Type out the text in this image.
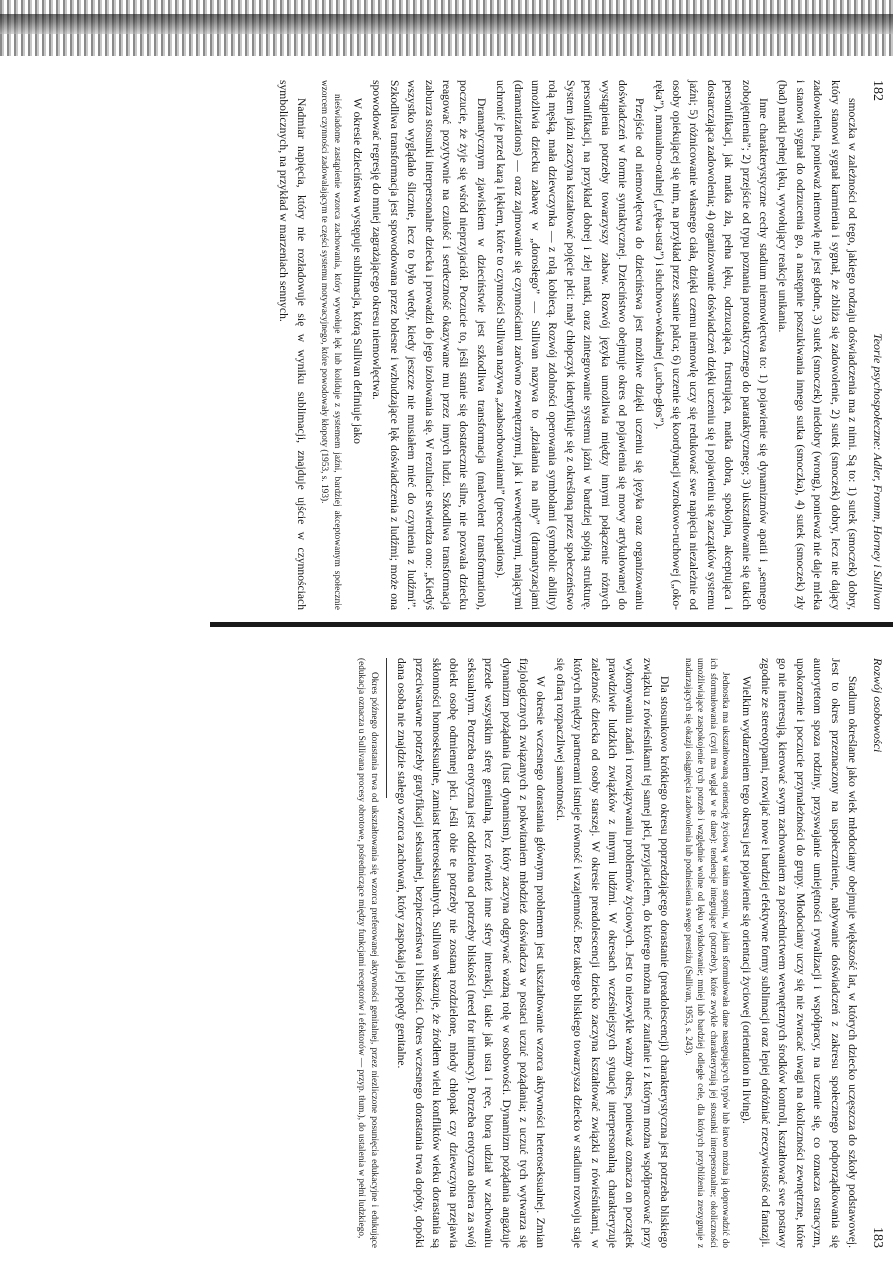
182
Teorie psychospołeczne: Adler, Fromm, Horney i Sullivan

smoczka w zależności od tego, jakiego rodzaju doświadczenia ma z nimi. Są to: 1) sutek (smoczek) dobry, który stanowi sygnał karmienia i sygnał, że zbliża się zadowolenie, 2) sutek (smoczek) dobry, lecz nie dający zadowolenia, ponieważ niemowlę nie jest głodne, 3) sutek (smoczek) niedobry (wrong), ponieważ nie daje mleka i stanowi sygnał do odrzucenia go, a następnie poszukiwania innego sutka (smoczka), 4) sutek (smoczek) zły (bad) matki pełnej lęku, wywołujący reakcje unikania.

Inne charakterystyczne cechy stadium niemowlęctwa to: 1) pojawienie się dynamizmów apatii i „sennego zobojętnienia”; 2) przejście od typu poznania prototaktycznego do parataktycznego; 3) ukształtowanie się takich personifikacji, jak matka zła, pełna lęku, odrzucająca, frustrująca, matka dobra, spokojna, akceptująca i dostarczająca zadowolenia; 4) organizowanie doświadczeń dzięki uczeniu się i pojawieniu się zaczątków systemu jaźni; 5) różnicowanie własnego ciała, dzięki czemu niemowlę uczy się redukować swe napięcia niezależnie od osoby opiekującej się nim, na przykład przez ssanie palca; 6) uczenie się koordynacji wzrokowo-ruchowej („oko-ręka”), manualno-oralnej („ręka-usta”) i słuchowo-wokalnej („ucho-głos”).

Przejście od niemowlęctwa do dzieciństwa jest możliwe dzięki uczeniu się języka oraz organizowaniu doświadczeń w formie syntaktycznej. Dzieciństwo obejmuje okres od pojawienia się mowy artykułowanej do wystąpienia potrzeby towarzyszy zabaw. Rozwój języka umożliwia między innymi połączenie różnych personifikacji, na przykład dobrej i złej matki, oraz zintegrowanie systemu jaźni w bardziej spójną strukturę. System jaźni zaczyna kształtować pojęcie płci: mały chłopczyk identyfikuje się z określoną przez społeczeństwo rolą męską, mała dziewczynka — z rolą kobiecą. Rozwój zdolności operowania symbolami (symbolic ability) umożliwia dziecku zabawę w „dorosłego” — Sullivan nazywa to „działania na niby” (dramatyzacjami (dramatizations) — oraz zajmowanie się czynnościami zarówno zewnętrznymi, jak i wewnętrznymi, mającymi uchronić je przed karą i lękiem, które to czynności Sullivan nazywa „zaabsorbowaniami” (preoccupations).

Dramatycznym zjawiskiem w dzieciństwie jest szkodliwa transformacja (malevolent transformation), poczucie, że żyje się wśród nieprzyjaciół. Poczucie to, jeśli stanie się dostatecznie silne, nie pozwala dziecku reagować pozytywnie na czułość i serdeczność okazywane mu przez innych ludzi. Szkodliwa transformacja zaburza stosunki interpersonalne dziecka i prowadzi do jego izolowania się. W rezultacie stwierdza ono: „Kiedyś wszystko wyglądało ślicznie, lecz to było wtedy, kiedy jeszcze nie musiałem mieć do czynienia z ludźmi”. Szkodliwa transformacja jest spowodowana przez bolesne i wzbudzające lęk doświadczenia z ludźmi; może ona spowodować regresję do mniej zagrażającego okresu niemowlęctwa.

W okresie dzieciństwa występuje sublimacja, którą Sullivan definiuje jako

nieświadome zastąpienie wzorca zachowania, który wywołuje lęk lub koliduje z systemem jaźni, bardziej akceptowanym społecznie wzorcem czynności zadowalającym te części systemu motywacyjnego, które powodowały kłopoty (1953, s. 193).

Nadmiar napięcia, który nie rozładowuje się w wyniku sublimacji, znajduje ujście w czynnościach symbolicznych, na przykład w marzeniach sennych.

Rozwój osobowości
183

Stadium określane jako wiek młodociany obejmuje większość lat, w których dziecko uczęszcza do szkoły podstawowej. Jest to okres przeznaczony na uspołecznienie, nabywanie doświadczeń z zakresu społecznego podporządkowania się autorytetom spoza rodziny, przyswajanie umiejętności rywalizacji i współpracy, na uczenie się, co oznacza ostracyzm, upokorzenie i poczucie przynależności do grupy. Młodociany uczy się nie zwracać uwagi na okoliczności zewnętrzne, które go nie interesują, kierować swym zachowaniem za pośrednictwem wewnętrznych środków kontroli, kształtować swe postawy zgodnie ze stereotypami, rozwijać nowe i bardziej efektywne formy sublimacji oraz lepiej odróżniać rzeczywistość od fantazji.

Wielkim wydarzeniem tego okresu jest pojawienie się orientacji życiowej (orientation in living).

Jednostka ma ukształtowaną orientację życiową w takim stopniu, w jakim sformułowała dane następujących typów lub łatwo można ją doprowadzić do ich sformułowania (czyli ma wgląd w te dane): tendencje integrujące (potrzeby), które zwykle charakteryzują jej stosunki interpersonalne; okoliczności umożliwiające zaspokojenie tych potrzeb i względnie wolne od lęku wyładowanie; mniej lub bardziej odległe cele, dla których przybliżenia zrezygnuje z nadarzających się okazji osiągnięcia zadowolenia lub podniesienia swego prestiżu (Sullivan, 1953, s. 243).

Dla stosunkowo krótkiego okresu poprzedzającego dorastanie (preadolescencji) charakterystyczna jest potrzeba bliskiego związku z rówieśnikami tej samej płci, przyjacielem, do którego można mieć zaufanie i z którym można współpracować przy wykonywaniu zadań i rozwiązywaniu problemów życiowych. Jest to niezwykle ważny okres, ponieważ oznacza on początek prawdziwie ludzkich związków z innymi ludźmi. W okresach wcześniejszych sytuację interpersonalną charakteryzuje zależność dziecka od osoby starszej. W okresie preadolescencji dziecko zaczyna kształtować związki z rówieśnikami, w których między partnerami istnieje równość i wzajemność. Bez takiego bliskiego towarzysza dziecko w stadium rozwoju staje się ofiarą rozpaczliwej samotności.

W okresie wczesnego dorastania głównym problemem jest ukształtowanie wzorca aktywności heteroseksualnej. Zmian fizjologicznych związanych z pokwitaniem młodzież doświadcza w postaci uczuć pożądania; z uczuć tych wytwarza się dynamizm pożądania (lust dynamism), który zaczyna odgrywać ważną rolę w osobowości. Dynamizm pożądania angażuje przede wszystkim sferę genitalną, lecz również inne sfery interakcji, takie jak usta i ręce, biorą udział w zachowaniu seksualnym. Potrzeba erotyczna jest oddzielona od potrzeby bliskości (need for intimacy). Potrzeba erotyczna obiera za swój obiekt osobę odmiennej płci. Jeśli obie te potrzeby nie zostaną rozdzielone, młody chłopak czy dziewczyna przejawia skłonności homoseksualne, zamiast heteroseksualnych. Sullivan wskazuje, że źródłem wielu konfliktów wieku dorastania są przeciwstawne potrzeby gratyfikacji seksualnej, bezpieczeństwa i bliskości. Okres wczesnego dorastania trwa dopóty, dopóki dana osoba nie znajdzie stałego wzorca zachowań, który zaspokaja jej popędy genitalne.

Okres późnego dorastania trwa od ukształtowania się wzorca preferowanej aktywności genitalnej, przez niezliczone posunięcia edukacyjne i edukujące (edukacja oznacza u Sullivana procesy obrotowe, pośredniczące między funkcjami receptorów i efektorów — przyp. tłum.), do ustalenia w pełni ludzkiego,
